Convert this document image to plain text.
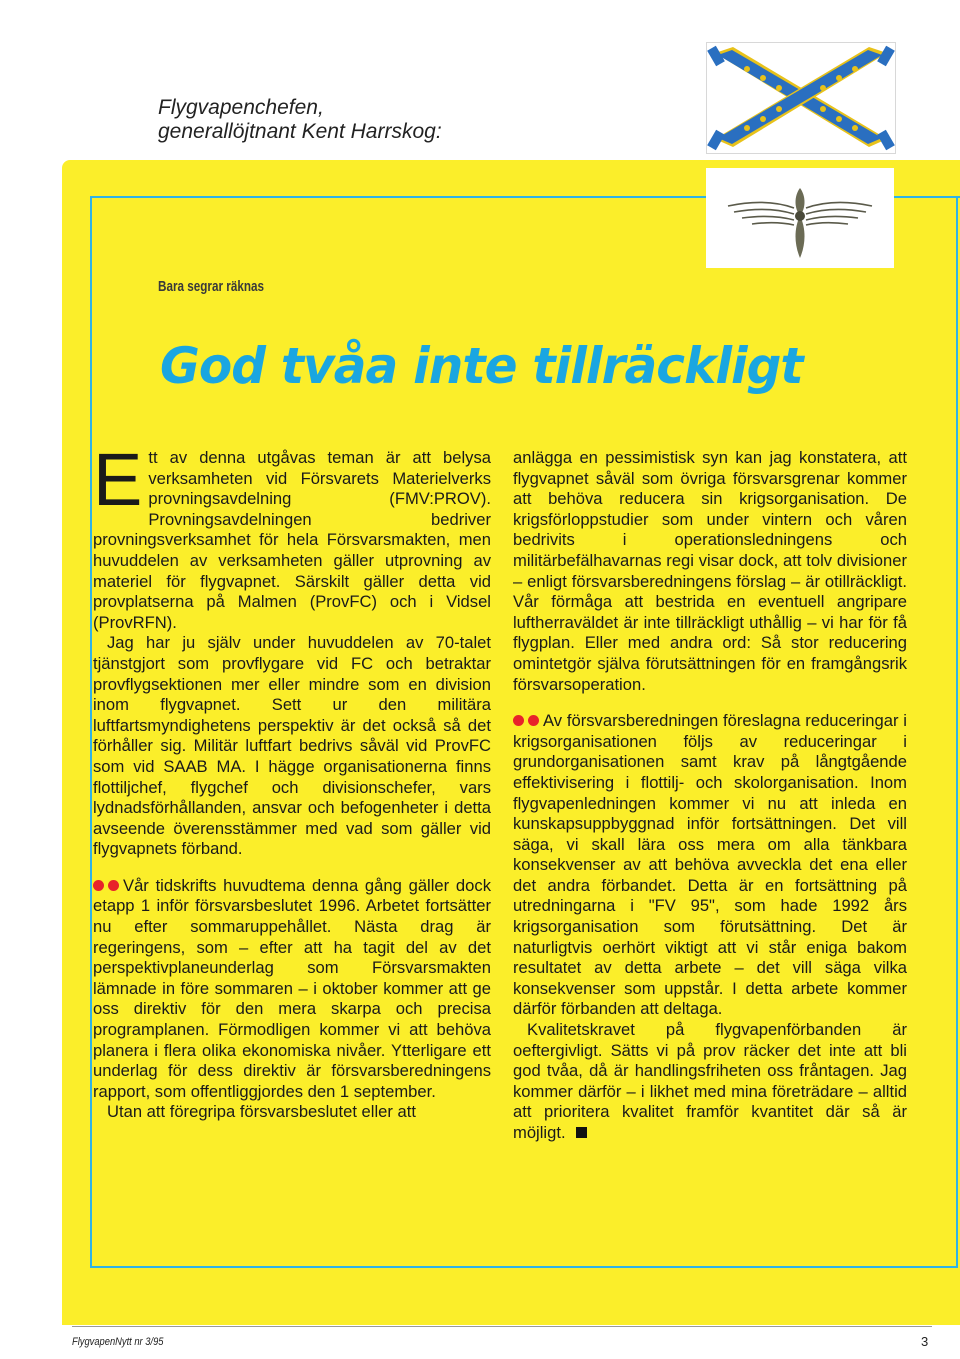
Flygvapenchefen,
generallöjtnant Kent Harrskog:
Bara segrar räknas
God tvåa inte tillräckligt

Ett av denna utgåvas teman är att belysa verksamheten vid Försvarets Materielverks provningsavdelning (FMV:PROV). Provningsavdelningen bedriver provningsverksamhet för hela Försvarsmakten, men huvuddelen av verksamheten gäller utprovning av materiel för flygvapnet. Särskilt gäller detta vid provplatserna på Malmen (ProvFC) och i Vidsel (ProvRFN).

Jag har ju själv under huvuddelen av 70-talet tjänstgjort som provflygare vid FC och betraktar provflygsektionen mer eller mindre som en division inom flygvapnet. Sett ur den militära luftfartsmyndighetens perspektiv är det också så det förhåller sig. Militär luftfart bedrivs såväl vid ProvFC som vid SAAB MA. I hägge organisationerna finns flottiljchef, flygchef och divisionschefer, vars lydnadsförhållanden, ansvar och befogenheter i detta avseende överensstämmer med vad som gäller vid flygvapnets förband.

Vår tidskrifts huvudtema denna gång gäller dock etapp 1 inför försvarsbeslutet 1996. Arbetet fortsätter nu efter sommaruppehållet. Nästa drag är regeringens, som – efter att ha tagit del av det perspektivplaneunderlag som Försvarsmakten lämnade in före sommaren – i oktober kommer att ge oss direktiv för den mera skarpa och precisa programplanen. Förmodligen kommer vi att behöva planera i flera olika ekonomiska nivåer. Ytterligare ett underlag för dess direktiv är försvarsberedningens rapport, som offentliggjordes den 1 september.

Utan att föregripa försvarsbeslutet eller att

anlägga en pessimistisk syn kan jag konstatera, att flygvapnet såväl som övriga försvarsgrenar kommer att behöva reducera sin krigsorganisation. De krigsförloppstudier som under vintern och våren bedrivits i operationsledningens och militärbefälhavarnas regi visar dock, att tolv divisioner – enligt försvarsberedningens förslag – är otillräckligt. Vår förmåga att bestrida en eventuell angripare luftherraväldet är inte tillräckligt uthållig – vi har för få flygplan. Eller med andra ord: Så stor reducering omintetgör själva förutsättningen för en framgångsrik försvarsoperation.

Av försvarsberedningen föreslagna reduceringar i krigsorganisationen följs av reduceringar i grundorganisationen samt krav på långtgående effektivisering i flottilj- och skolorganisation. Inom flygvapenledningen kommer vi nu att inleda en kunskapsuppbyggnad inför fortsättningen. Det vill säga, vi skall lära oss mera om alla tänkbara konsekvenser av att behöva avveckla det ena eller det andra förbandet. Detta är en fortsättning på utredningarna i "FV 95", som hade 1992 års krigsorganisation som förutsättning. Det är naturligtvis oerhört viktigt att vi står eniga bakom resultatet av detta arbete – det vill säga vilka konsekvenser som uppstår. I detta arbete kommer därför förbanden att deltaga.

Kvalitetskravet på flygvapenförbanden är oeftergivligt. Sätts vi på prov räcker det inte att bli god tvåa, då är handlingsfriheten oss fråntagen. Jag kommer därför – i likhet med mina företrädare – alltid att prioritera kvalitet framför kvantitet där så är möjligt.

FlygvapenNytt nr 3/95	3
